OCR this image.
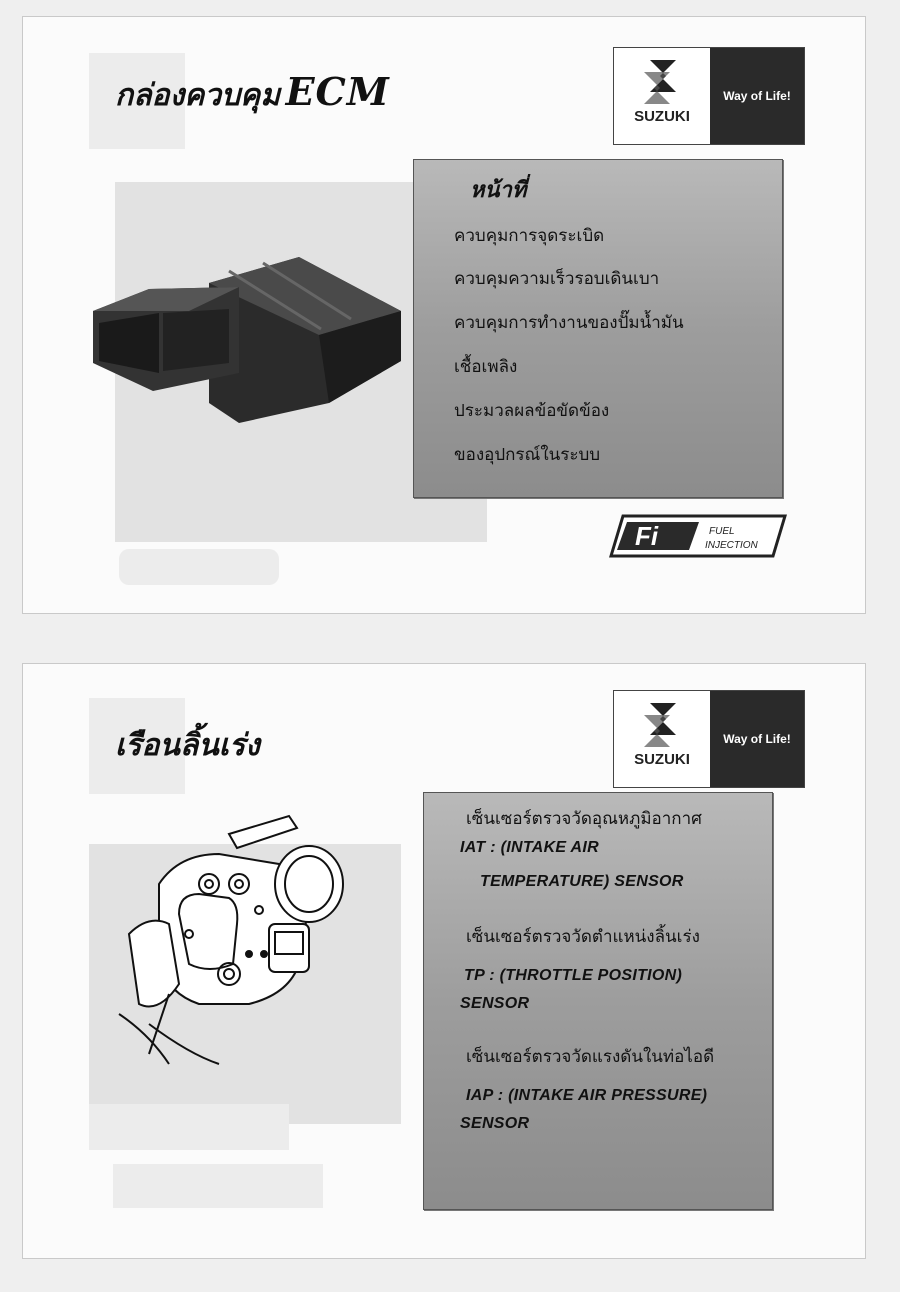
กล่องควบคุม ECM
SUZUKI
Way of Life!
หน้าที่
ควบคุมการจุดระเบิด
ควบคุมความเร็วรอบเดินเบา
ควบคุมการทำงานของปั๊มน้ำมัน
เชื้อเพลิง
ประมวลผลข้อขัดข้อง
ของอุปกรณ์ในระบบ
Fi	FUEL
INJECTION
เรือนลิ้นเร่ง	SUZUKI
Way of Life!
เซ็นเซอร์ตรวจวัดอุณหภูมิอากาศ
IAT : (INTAKE AIR
TEMPERATURE) SENSOR
เซ็นเซอร์ตรวจวัดตำแหน่งลิ้นเร่ง
TP : (THROTTLE POSITION)
SENSOR
เซ็นเซอร์ตรวจวัดแรงดันในท่อไอดี
IAP : (INTAKE AIR PRESSURE)
SENSOR
